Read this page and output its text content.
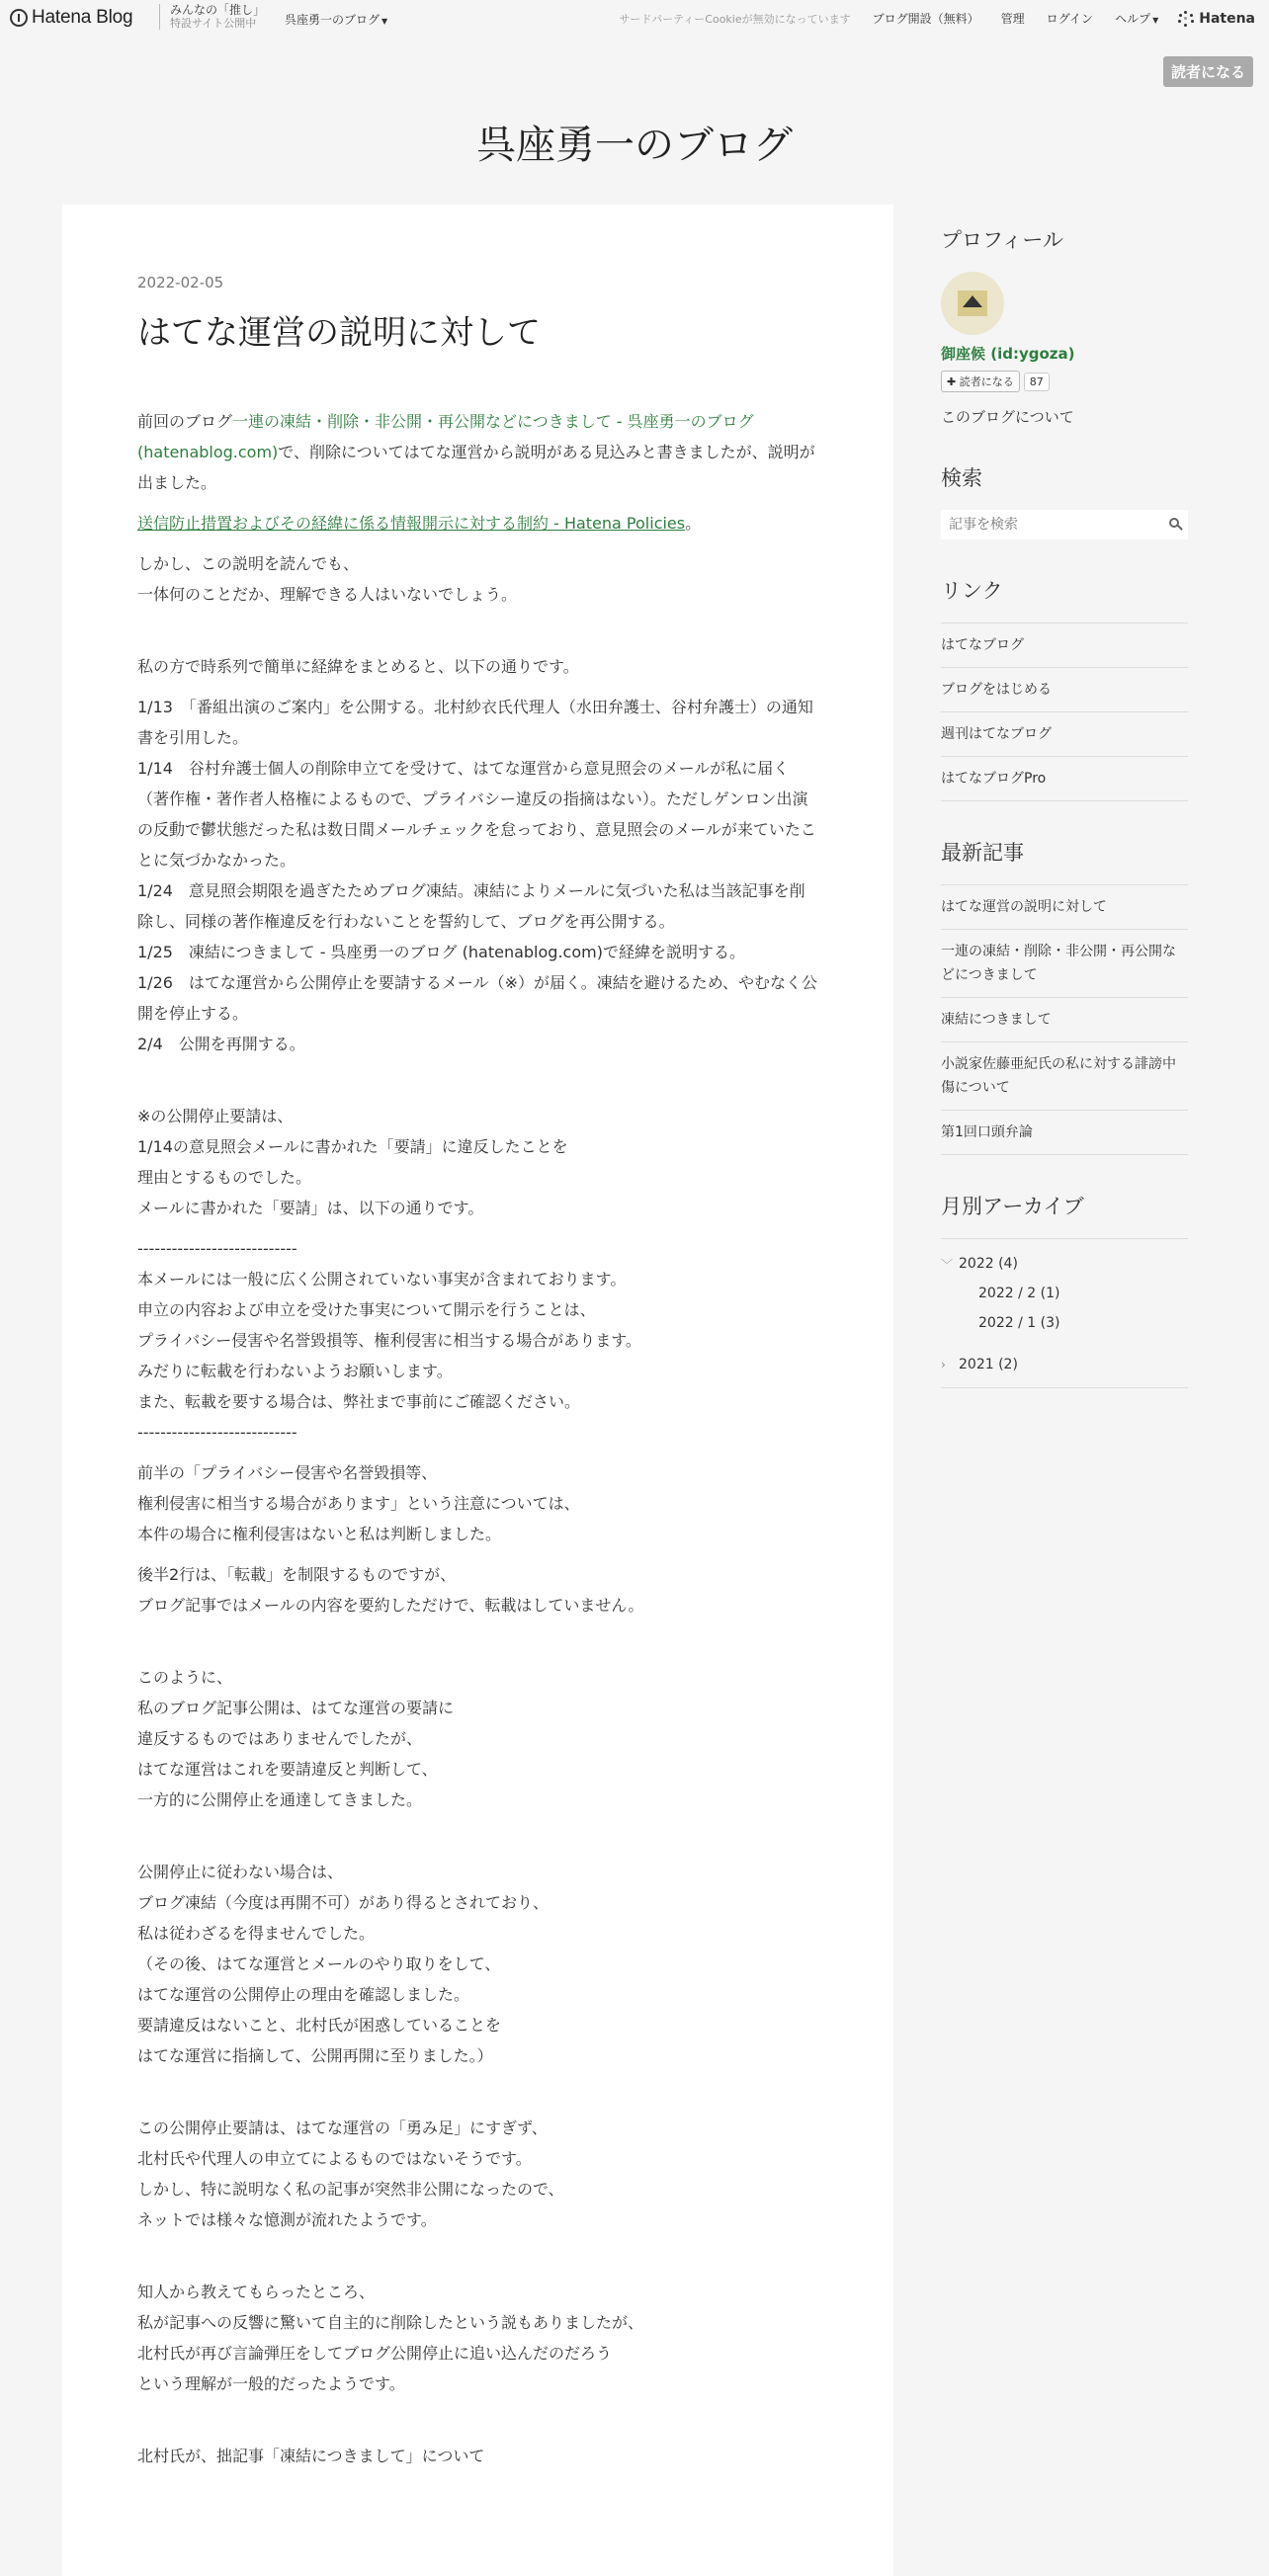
Hatena Blog	みんなの「推し」
特設サイト公開中	呉座勇一のブログ ▼	サードパーティーCookieが無効になっています ブログ開設（無料） 管理 ログイン ヘルプ ▼	Hatena
読者になる
呉座勇一のブログ
2022-02-05
はてな運営の説明に対して

前回のブログ一連の凍結・削除・非公開・再公開などにつきまして - 呉座勇一のブログ (hatenablog.com)で、削除についてはてな運営から説明がある見込みと書きましたが、説明が出ました。

送信防止措置およびその経緯に係る情報開示に対する制約 - Hatena Policies。

しかし、この説明を読んでも、
一体何のことだか、理解できる人はいないでしょう。

私の方で時系列で簡単に経緯をまとめると、以下の通りです。

1/13　「番組出演のご案内」を公開する。北村紗衣氏代理人（水田弁護士、谷村弁護士）の通知書を引用した。
1/14　谷村弁護士個人の削除申立てを受けて、はてな運営から意見照会のメールが私に届く（著作権・著作者人格権によるもので、プライバシー違反の指摘はない）。ただしゲンロン出演の反動で鬱状態だった私は数日間メールチェックを怠っており、意見照会のメールが来ていたことに気づかなかった。
1/24　意見照会期限を過ぎたためブログ凍結。凍結によりメールに気づいた私は当該記事を削除し、同様の著作権違反を行わないことを誓約して、ブログを再公開する。
1/25　凍結につきまして - 呉座勇一のブログ (hatenablog.com)で経緯を説明する。
1/26　はてな運営から公開停止を要請するメール（※）が届く。凍結を避けるため、やむなく公開を停止する。
2/4　公開を再開する。

※の公開停止要請は、
1/14の意見照会メールに書かれた「要請」に違反したことを
理由とするものでした。
メールに書かれた「要請」は、以下の通りです。

----------------------------
本メールには一般に広く公開されていない事実が含まれております。
申立の内容および申立を受けた事実について開示を行うことは、
プライバシー侵害や名誉毀損等、権利侵害に相当する場合があります。
みだりに転載を行わないようお願いします。
また、転載を要する場合は、弊社まで事前にご確認ください。
----------------------------

前半の「プライバシー侵害や名誉毀損等、
権利侵害に相当する場合があります」という注意については、
本件の場合に権利侵害はないと私は判断しました。

後半2行は、「転載」を制限するものですが、
ブログ記事ではメールの内容を要約しただけで、転載はしていません。

このように、
私のブログ記事公開は、はてな運営の要請に
違反するものではありませんでしたが、
はてな運営はこれを要請違反と判断して、
一方的に公開停止を通達してきました。

公開停止に従わない場合は、
ブログ凍結（今度は再開不可）があり得るとされており、
私は従わざるを得ませんでした。
（その後、はてな運営とメールのやり取りをして、
はてな運営の公開停止の理由を確認しました。
要請違反はないこと、北村氏が困惑していることを
はてな運営に指摘して、公開再開に至りました。）

この公開停止要請は、はてな運営の「勇み足」にすぎず、
北村氏や代理人の申立てによるものではないそうです。
しかし、特に説明なく私の記事が突然非公開になったので、
ネットでは様々な憶測が流れたようです。

知人から教えてもらったところ、
私が記事への反響に驚いて自主的に削除したという説もありましたが、
北村氏が再び言論弾圧をしてブログ公開停止に追い込んだのだろう
という理解が一般的だったようです。

北村氏が、拙記事「凍結につきまして」について

プロフィール
御座候 (id:ygoza)
✚ 読者になる	87
このブログについて
検索
記事を検索
リンク
はてなブログ
ブログをはじめる
週刊はてなブログ
はてなブログPro
最新記事
はてな運営の説明に対して
一連の凍結・削除・非公開・再公開などにつきまして
凍結につきまして
小説家佐藤亜紀氏の私に対する誹謗中傷について
第1回口頭弁論
月別アーカイブ
﹀ 2022 (4)
2022 / 2 (1)
2022 / 1 (3)
› 2021 (2)
